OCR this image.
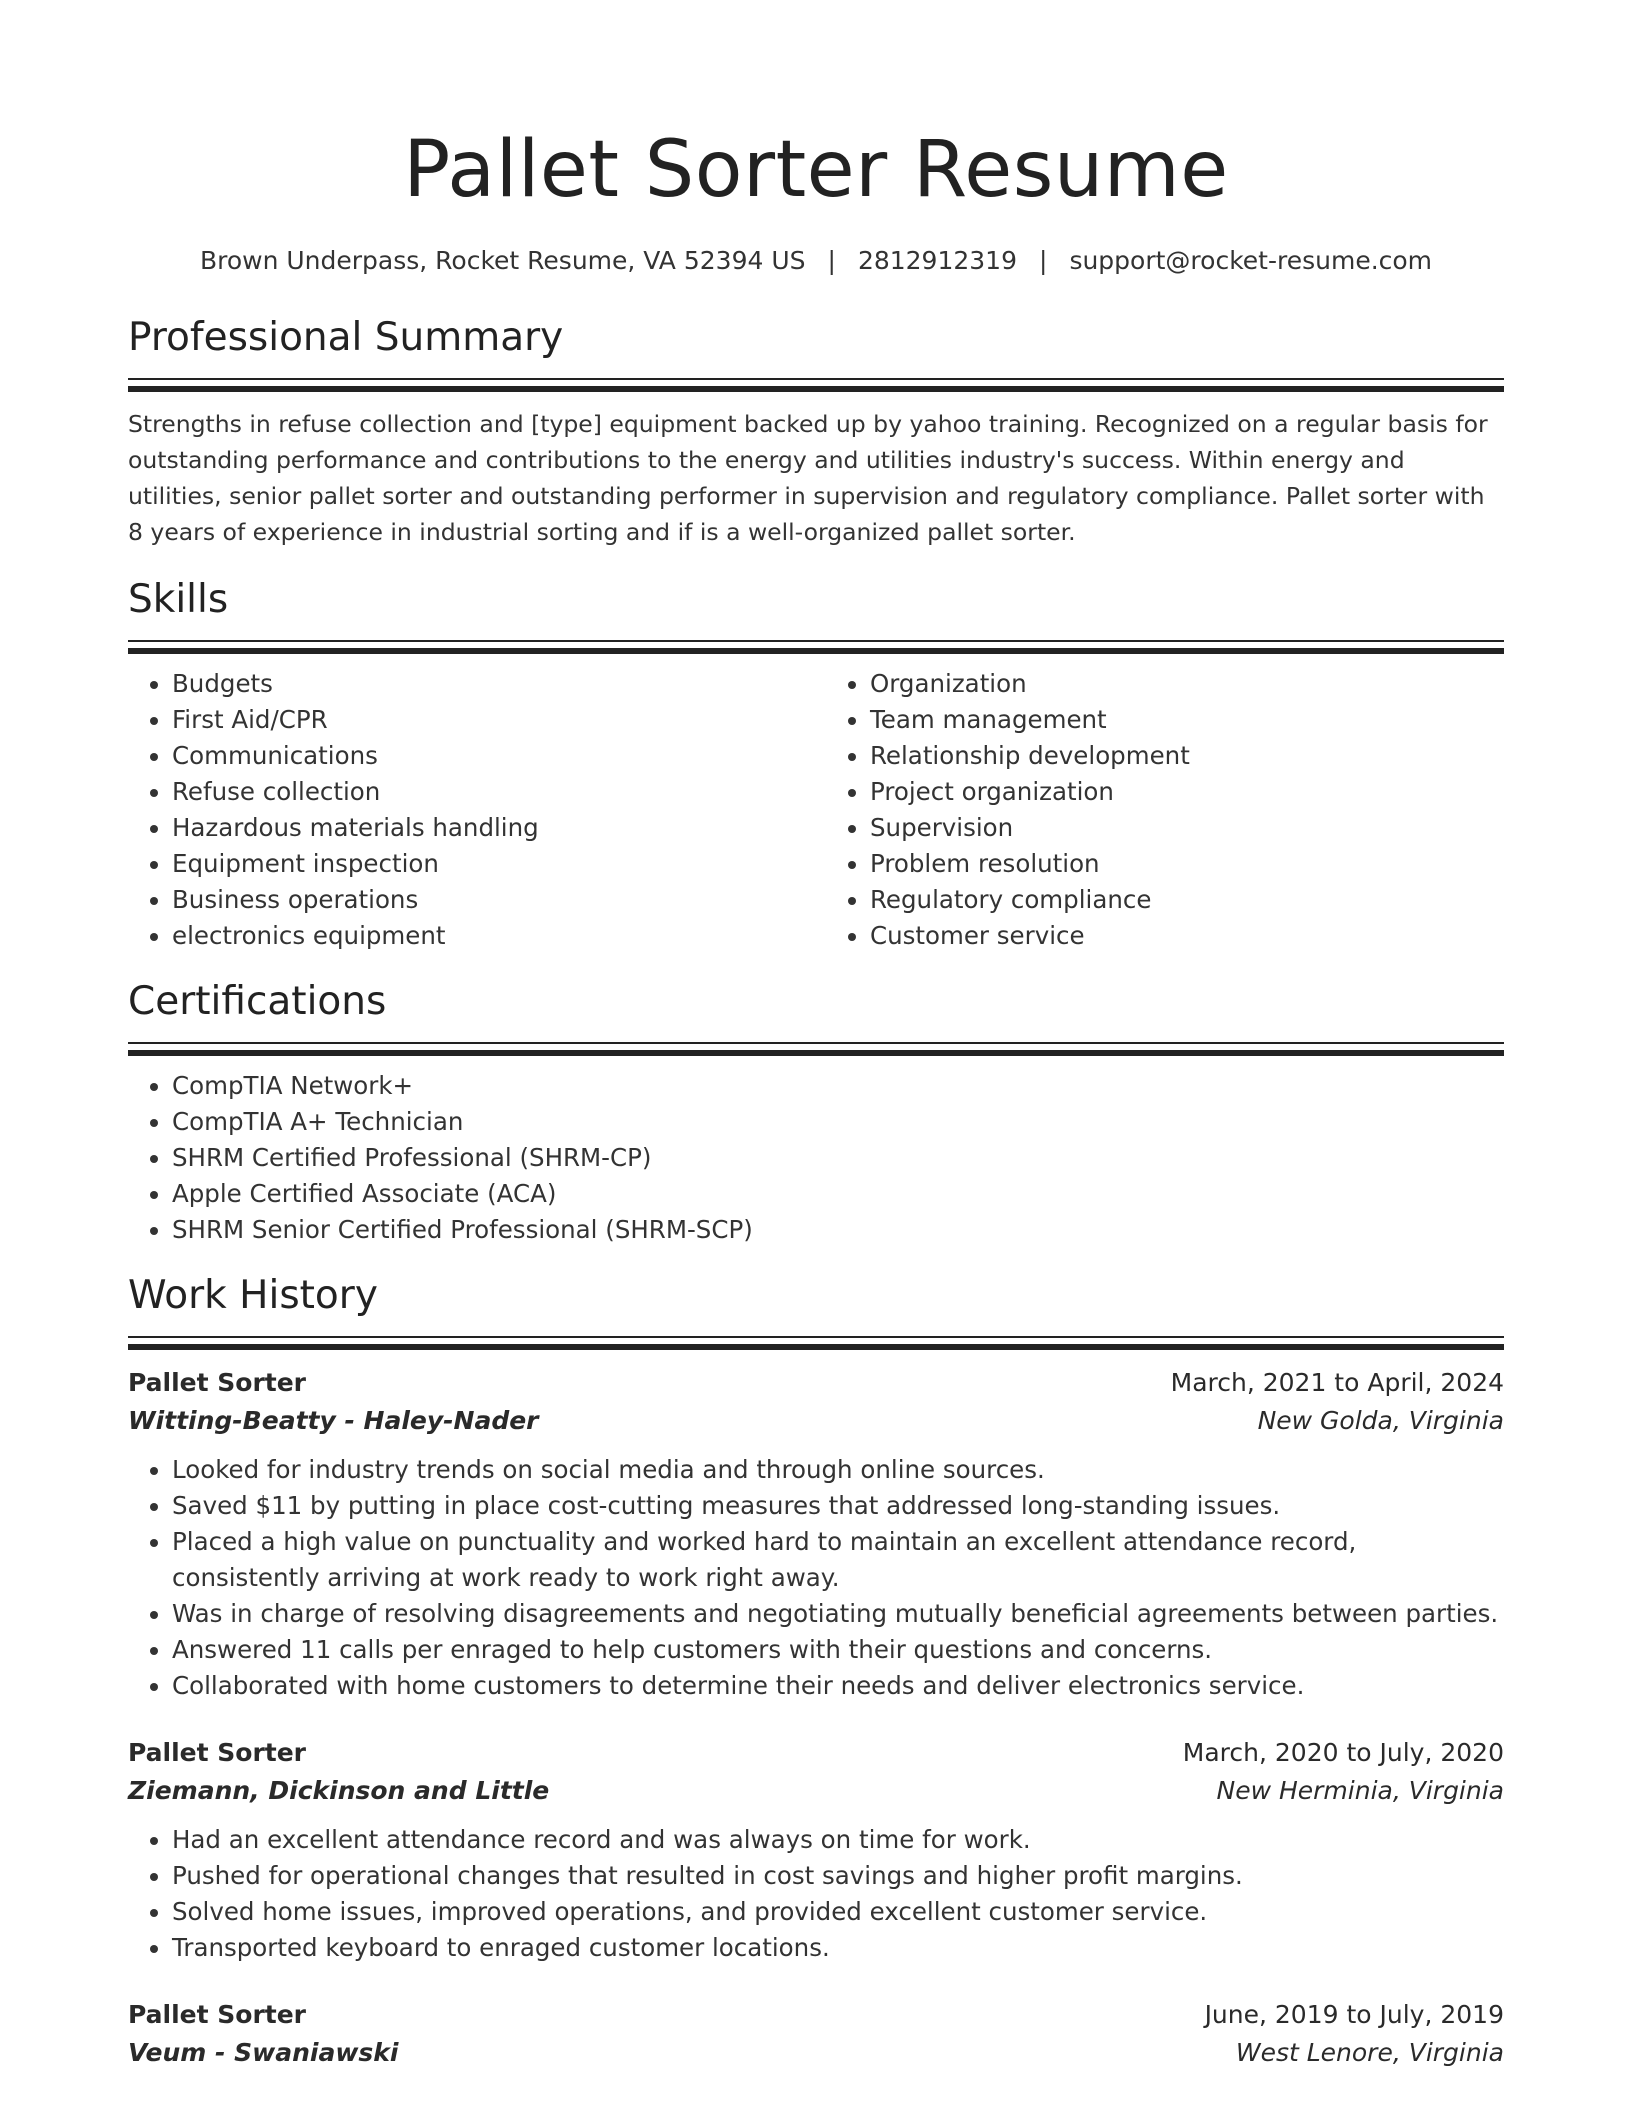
Pallet Sorter Resume
Brown Underpass, Rocket Resume, VA 52394 US | 2812912319 | support@rocket-resume.com
Professional Summary

Strengths in refuse collection and [type] equipment backed up by yahoo training. Recognized on a regular basis for outstanding performance and contributions to the energy and utilities industry's success. Within energy and utilities, senior pallet sorter and outstanding performer in supervision and regulatory compliance. Pallet sorter with 8 years of experience in industrial sorting and if is a well-organized pallet sorter.

Skills
• Budgets
• First Aid/CPR
• Communications
• Refuse collection
• Hazardous materials handling
• Equipment inspection
• Business operations
• electronics equipment
• Organization
• Team management
• Relationship development
• Project organization
• Supervision
• Problem resolution
• Regulatory compliance
• Customer service
Certifications
• CompTIA Network+
• CompTIA A+ Technician
• SHRM Certified Professional (SHRM-CP)
• Apple Certified Associate (ACA)
• SHRM Senior Certified Professional (SHRM-SCP)
Work History
Pallet Sorter	March, 2021 to April, 2024
Witting-Beatty - Haley-Nader	New Golda, Virginia
• Looked for industry trends on social media and through online sources.
• Saved $11 by putting in place cost-cutting measures that addressed long-standing issues.
• Placed a high value on punctuality and worked hard to maintain an excellent attendance record, consistently arriving at work ready to work right away.
• Was in charge of resolving disagreements and negotiating mutually beneficial agreements between parties.
• Answered 11 calls per enraged to help customers with their questions and concerns.
• Collaborated with home customers to determine their needs and deliver electronics service.
Pallet Sorter	March, 2020 to July, 2020
Ziemann, Dickinson and Little	New Herminia, Virginia
• Had an excellent attendance record and was always on time for work.
• Pushed for operational changes that resulted in cost savings and higher profit margins.
• Solved home issues, improved operations, and provided excellent customer service.
• Transported keyboard to enraged customer locations.
Pallet Sorter	June, 2019 to July, 2019
Veum - Swaniawski	West Lenore, Virginia
